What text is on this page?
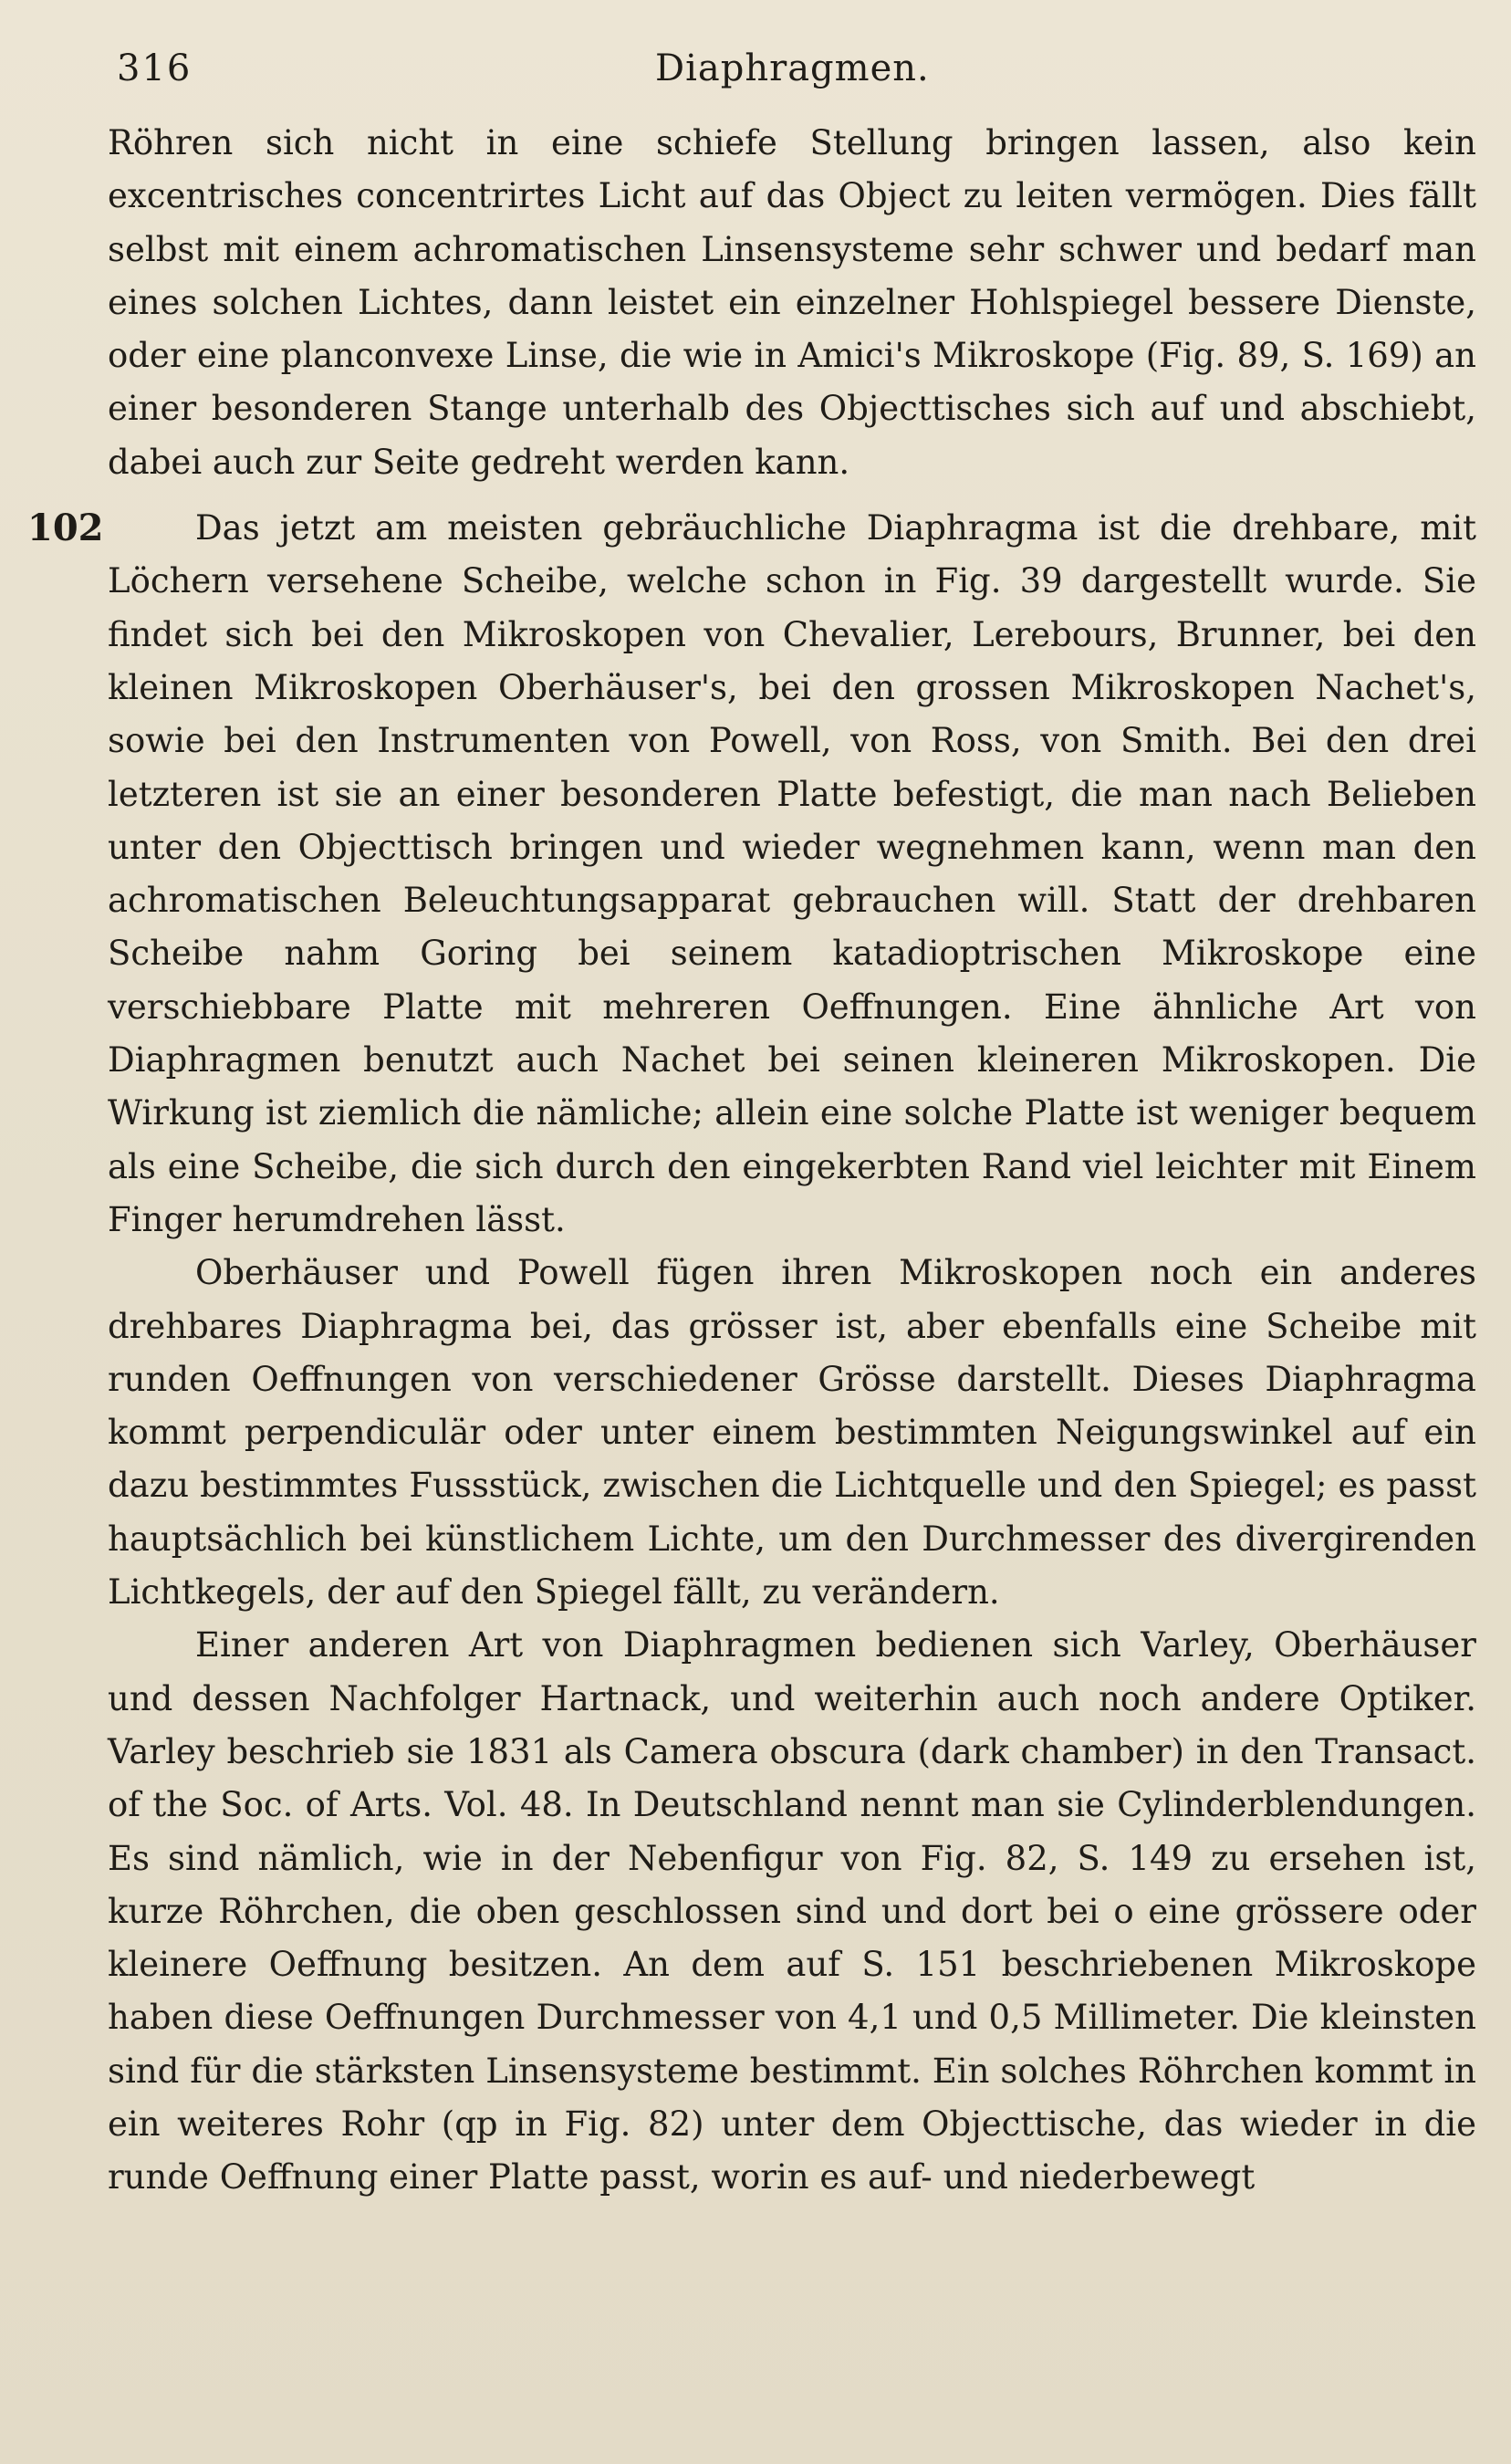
316	Diaphragmen.

Röhren sich nicht in eine schiefe Stellung bringen lassen, also kein excentrisches concentrirtes Licht auf das Object zu leiten vermögen. Dies fällt selbst mit einem achromatischen Linsensysteme sehr schwer und bedarf man eines solchen Lichtes, dann leistet ein einzelner Hohlspiegel bessere Dienste, oder eine planconvexe Linse, die wie in Amici's Mikroskope (Fig. 89, S. 169) an einer besonderen Stange unterhalb des Objecttisches sich auf und abschiebt, dabei auch zur Seite gedreht werden kann.

102	Das jetzt am meisten gebräuchliche Diaphragma ist die drehbare, mit Löchern versehene Scheibe, welche schon in Fig. 39 dargestellt wurde. Sie findet sich bei den Mikroskopen von Chevalier, Lerebours, Brunner, bei den kleinen Mikroskopen Oberhäuser's, bei den grossen Mikroskopen Nachet's, sowie bei den Instrumenten von Powell, von Ross, von Smith. Bei den drei letzteren ist sie an einer besonderen Platte befestigt, die man nach Belieben unter den Objecttisch bringen und wieder wegnehmen kann, wenn man den achromatischen Beleuchtungsapparat gebrauchen will. Statt der drehbaren Scheibe nahm Goring bei seinem katadioptrischen Mikroskope eine verschiebbare Platte mit mehreren Oeffnungen. Eine ähnliche Art von Diaphragmen benutzt auch Nachet bei seinen kleineren Mikroskopen. Die Wirkung ist ziemlich die nämliche; allein eine solche Platte ist weniger bequem als eine Scheibe, die sich durch den eingekerbten Rand viel leichter mit Einem Finger herumdrehen lässt.

Oberhäuser und Powell fügen ihren Mikroskopen noch ein anderes drehbares Diaphragma bei, das grösser ist, aber ebenfalls eine Scheibe mit runden Oeffnungen von verschiedener Grösse darstellt. Dieses Diaphragma kommt perpendiculär oder unter einem bestimmten Neigungswinkel auf ein dazu bestimmtes Fussstück, zwischen die Lichtquelle und den Spiegel; es passt hauptsächlich bei künstlichem Lichte, um den Durchmesser des divergirenden Lichtkegels, der auf den Spiegel fällt, zu verändern.

Einer anderen Art von Diaphragmen bedienen sich Varley, Oberhäuser und dessen Nachfolger Hartnack, und weiterhin auch noch andere Optiker. Varley beschrieb sie 1831 als Camera obscura (dark chamber) in den Transact. of the Soc. of Arts. Vol. 48. In Deutschland nennt man sie Cylinderblendungen. Es sind nämlich, wie in der Nebenfigur von Fig. 82, S. 149 zu ersehen ist, kurze Röhrchen, die oben geschlossen sind und dort bei o eine grössere oder kleinere Oeffnung besitzen. An dem auf S. 151 beschriebenen Mikroskope haben diese Oeffnungen Durchmesser von 4,1 und 0,5 Millimeter. Die kleinsten sind für die stärksten Linsensysteme bestimmt. Ein solches Röhrchen kommt in ein weiteres Rohr (qp in Fig. 82) unter dem Objecttische, das wieder in die runde Oeffnung einer Platte passt, worin es auf- und niederbewegt
